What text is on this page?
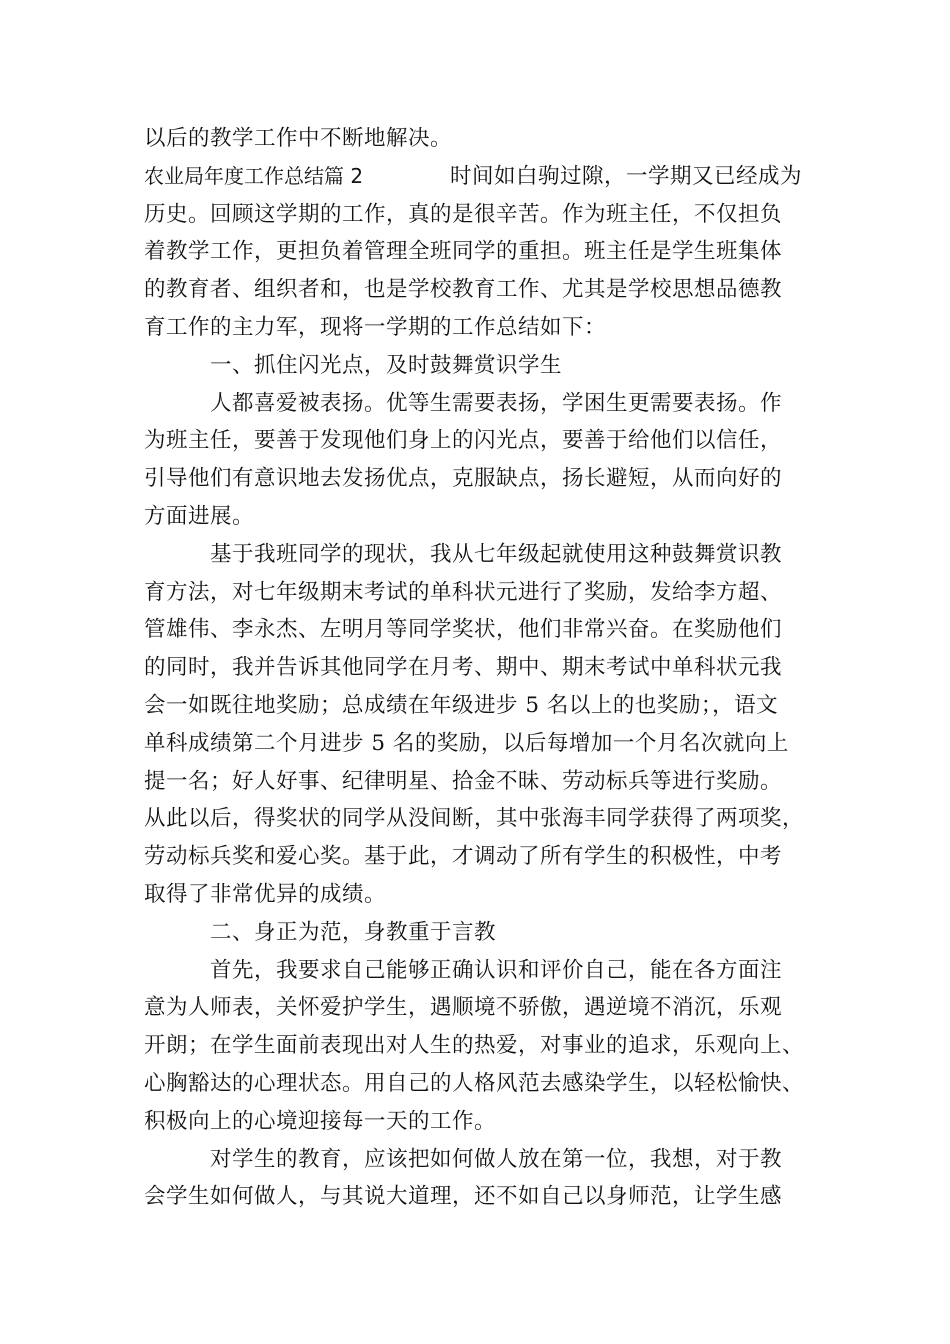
以后的教学工作中不断地解决。
农业局年度工作总结篇 2	时间如白驹过隙，一学期又已经成为
历史。回顾这学期的工作，真的是很辛苦。作为班主任，不仅担负
着教学工作，更担负着管理全班同学的重担。班主任是学生班集体
的教育者、组织者和，也是学校教育工作、尤其是学校思想品德教
育工作的主力军，现将一学期的工作总结如下：
一、抓住闪光点，及时鼓舞赏识学生
人都喜爱被表扬。优等生需要表扬，学困生更需要表扬。作
为班主任，要善于发现他们身上的闪光点，要善于给他们以信任，
引导他们有意识地去发扬优点，克服缺点，扬长避短，从而向好的
方面进展。
基于我班同学的现状，我从七年级起就使用这种鼓舞赏识教
育方法，对七年级期末考试的单科状元进行了奖励，发给李方超、
管雄伟、李永杰、左明月等同学奖状，他们非常兴奋。在奖励他们
的同时，我并告诉其他同学在月考、期中、期末考试中单科状元我
会一如既往地奖励；总成绩在年级进步 5 名以上的也奖励；，语文
单科成绩第二个月进步 5 名的奖励，以后每增加一个月名次就向上
提一名；好人好事、纪律明星、拾金不昧、劳动标兵等进行奖励。
从此以后，得奖状的同学从没间断，其中张海丰同学获得了两项奖，
劳动标兵奖和爱心奖。基于此，才调动了所有学生的积极性，中考
取得了非常优异的成绩。
二、身正为范，身教重于言教
首先，我要求自己能够正确认识和评价自己，能在各方面注
意为人师表，关怀爱护学生，遇顺境不骄傲，遇逆境不消沉，乐观
开朗；在学生面前表现出对人生的热爱，对事业的追求，乐观向上、
心胸豁达的心理状态。用自己的人格风范去感染学生，以轻松愉快、
积极向上的心境迎接每一天的工作。
对学生的教育，应该把如何做人放在第一位，我想，对于教
会学生如何做人，与其说大道理，还不如自己以身师范，让学生感
